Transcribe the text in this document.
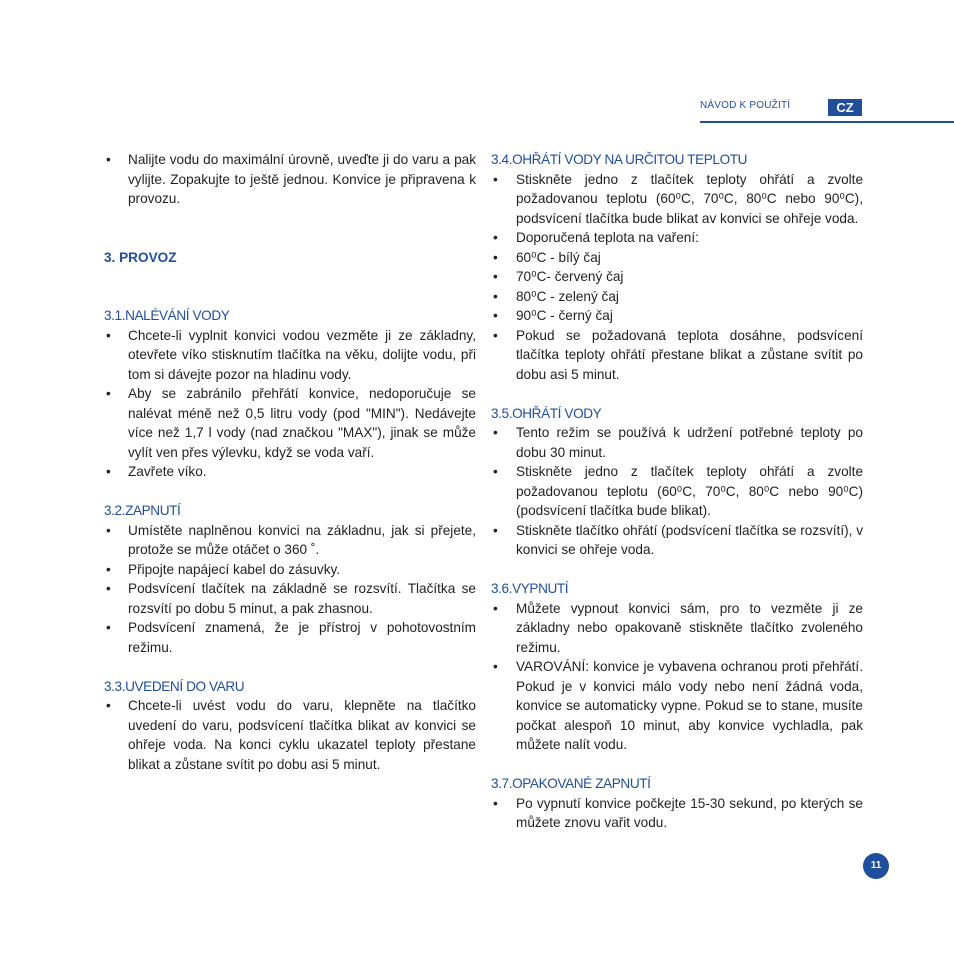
NÁVOD K POUŽITÍ	CZ
• Nalijte vodu do maximální úrovně, uveďte ji do varu a pak vylijte. Zopakujte to ještě jednou. Konvice je připravena k provozu.
3. PROVOZ
3.1.NALÉVÁNÍ VODY
• Chcete-li vyplnit konvici vodou vezměte ji ze základny, otevřete víko stisknutím tlačítka na věku, dolijte vodu, při tom si dávejte pozor na hladinu vody.
• Aby se zabránilo přehřátí konvice, nedoporučuje se nalévat méně než 0,5 litru vody (pod "MIN"). Nedávejte více než 1,7 l vody (nad značkou "MAX"), jinak se může vylít ven přes výlevku, když se voda vaří.
• Zavřete víko.
3.2.ZAPNUTÍ
• Umístěte naplněnou konvici na základnu, jak si přejete, protože se může otáčet o 360 ˚.
• Připojte napájecí kabel do zásuvky.
• Podsvícení tlačítek na základně se rozsvítí. Tlačítka se rozsvítí po dobu 5 minut, a pak zhasnou.
• Podsvícení znamená, že je přístroj v pohotovostním režimu.
3.3.UVEDENÍ DO VARU
• Chcete-li uvést vodu do varu, klepněte na tlačítko uvedení do varu, podsvícení tlačítka blikat av konvici se ohřeje voda. Na konci cyklu ukazatel teploty přestane blikat a zůstane svítit po dobu asi 5 minut.
3.4.OHŘÁTÍ VODY NA URČITOU TEPLOTU
• Stiskněte jedno z tlačítek teploty ohřátí a zvolte požadovanou teplotu (60⁰C, 70⁰C, 80⁰C nebo 90⁰C), podsvícení tlačítka bude blikat av konvici se ohřeje voda.
• Doporučená teplota na vaření:
• 60⁰C - bílý čaj
• 70⁰C- červený čaj
• 80⁰C - zelený čaj
• 90⁰C - černý čaj
• Pokud se požadovaná teplota dosáhne, podsvícení tlačítka teploty ohřátí přestane blikat a zůstane svítit po dobu asi 5 minut.
3.5.OHŘÁTÍ VODY
• Tento režim se používá k udržení potřebné teploty po dobu 30 minut.
• Stiskněte jedno z tlačítek teploty ohřátí a zvolte požadovanou teplotu (60⁰C, 70⁰C, 80⁰C nebo 90⁰C) (podsvícení tlačítka bude blikat).
• Stiskněte tlačítko ohřátí (podsvícení tlačítka se rozsvítí), v konvici se ohřeje voda.
3.6.VYPNUTÍ
• Můžete vypnout konvici sám, pro to vezměte ji ze základny nebo opakovaně stiskněte tlačítko zvoleného režimu.
• VAROVÁNÍ: konvice je vybavena ochranou proti přehřátí. Pokud je v konvici málo vody nebo není žádná voda, konvice se automaticky vypne. Pokud se to stane, musíte počkat alespoň 10 minut, aby konvice vychladla, pak můžete nalít vodu.
3.7.OPAKOVANÉ ZAPNUTÍ
• Po vypnutí konvice počkejte 15-30 sekund, po kterých se můžete znovu vařit vodu.
11
